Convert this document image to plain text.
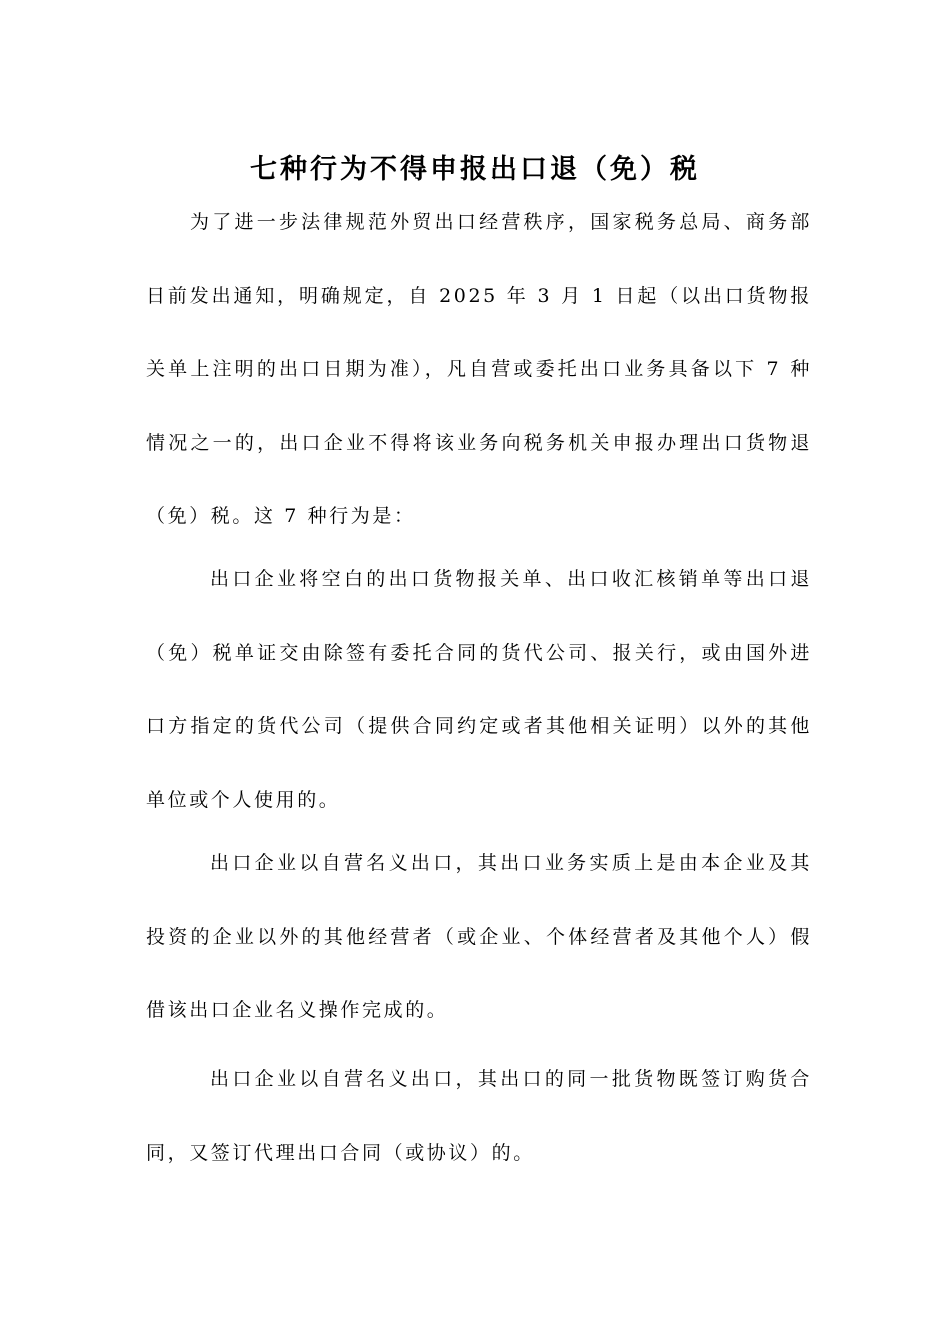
七种行为不得申报出口退（免）税

为了进一步法律规范外贸出口经营秩序，国家税务总局、商务部日前发出通知，明确规定，自 2025 年 3 月 1 日起（以出口货物报关单上注明的出口日期为准），凡自营或委托出口业务具备以下 7 种情况之一的，出口企业不得将该业务向税务机关申报办理出口货物退（免）税。这 7 种行为是：

出口企业将空白的出口货物报关单、出口收汇核销单等出口退（免）税单证交由除签有委托合同的货代公司、报关行，或由国外进口方指定的货代公司（提供合同约定或者其他相关证明）以外的其他单位或个人使用的。

出口企业以自营名义出口，其出口业务实质上是由本企业及其投资的企业以外的其他经营者（或企业、个体经营者及其他个人）假借该出口企业名义操作完成的。

出口企业以自营名义出口，其出口的同一批货物既签订购货合同，又签订代理出口合同（或协议）的。
